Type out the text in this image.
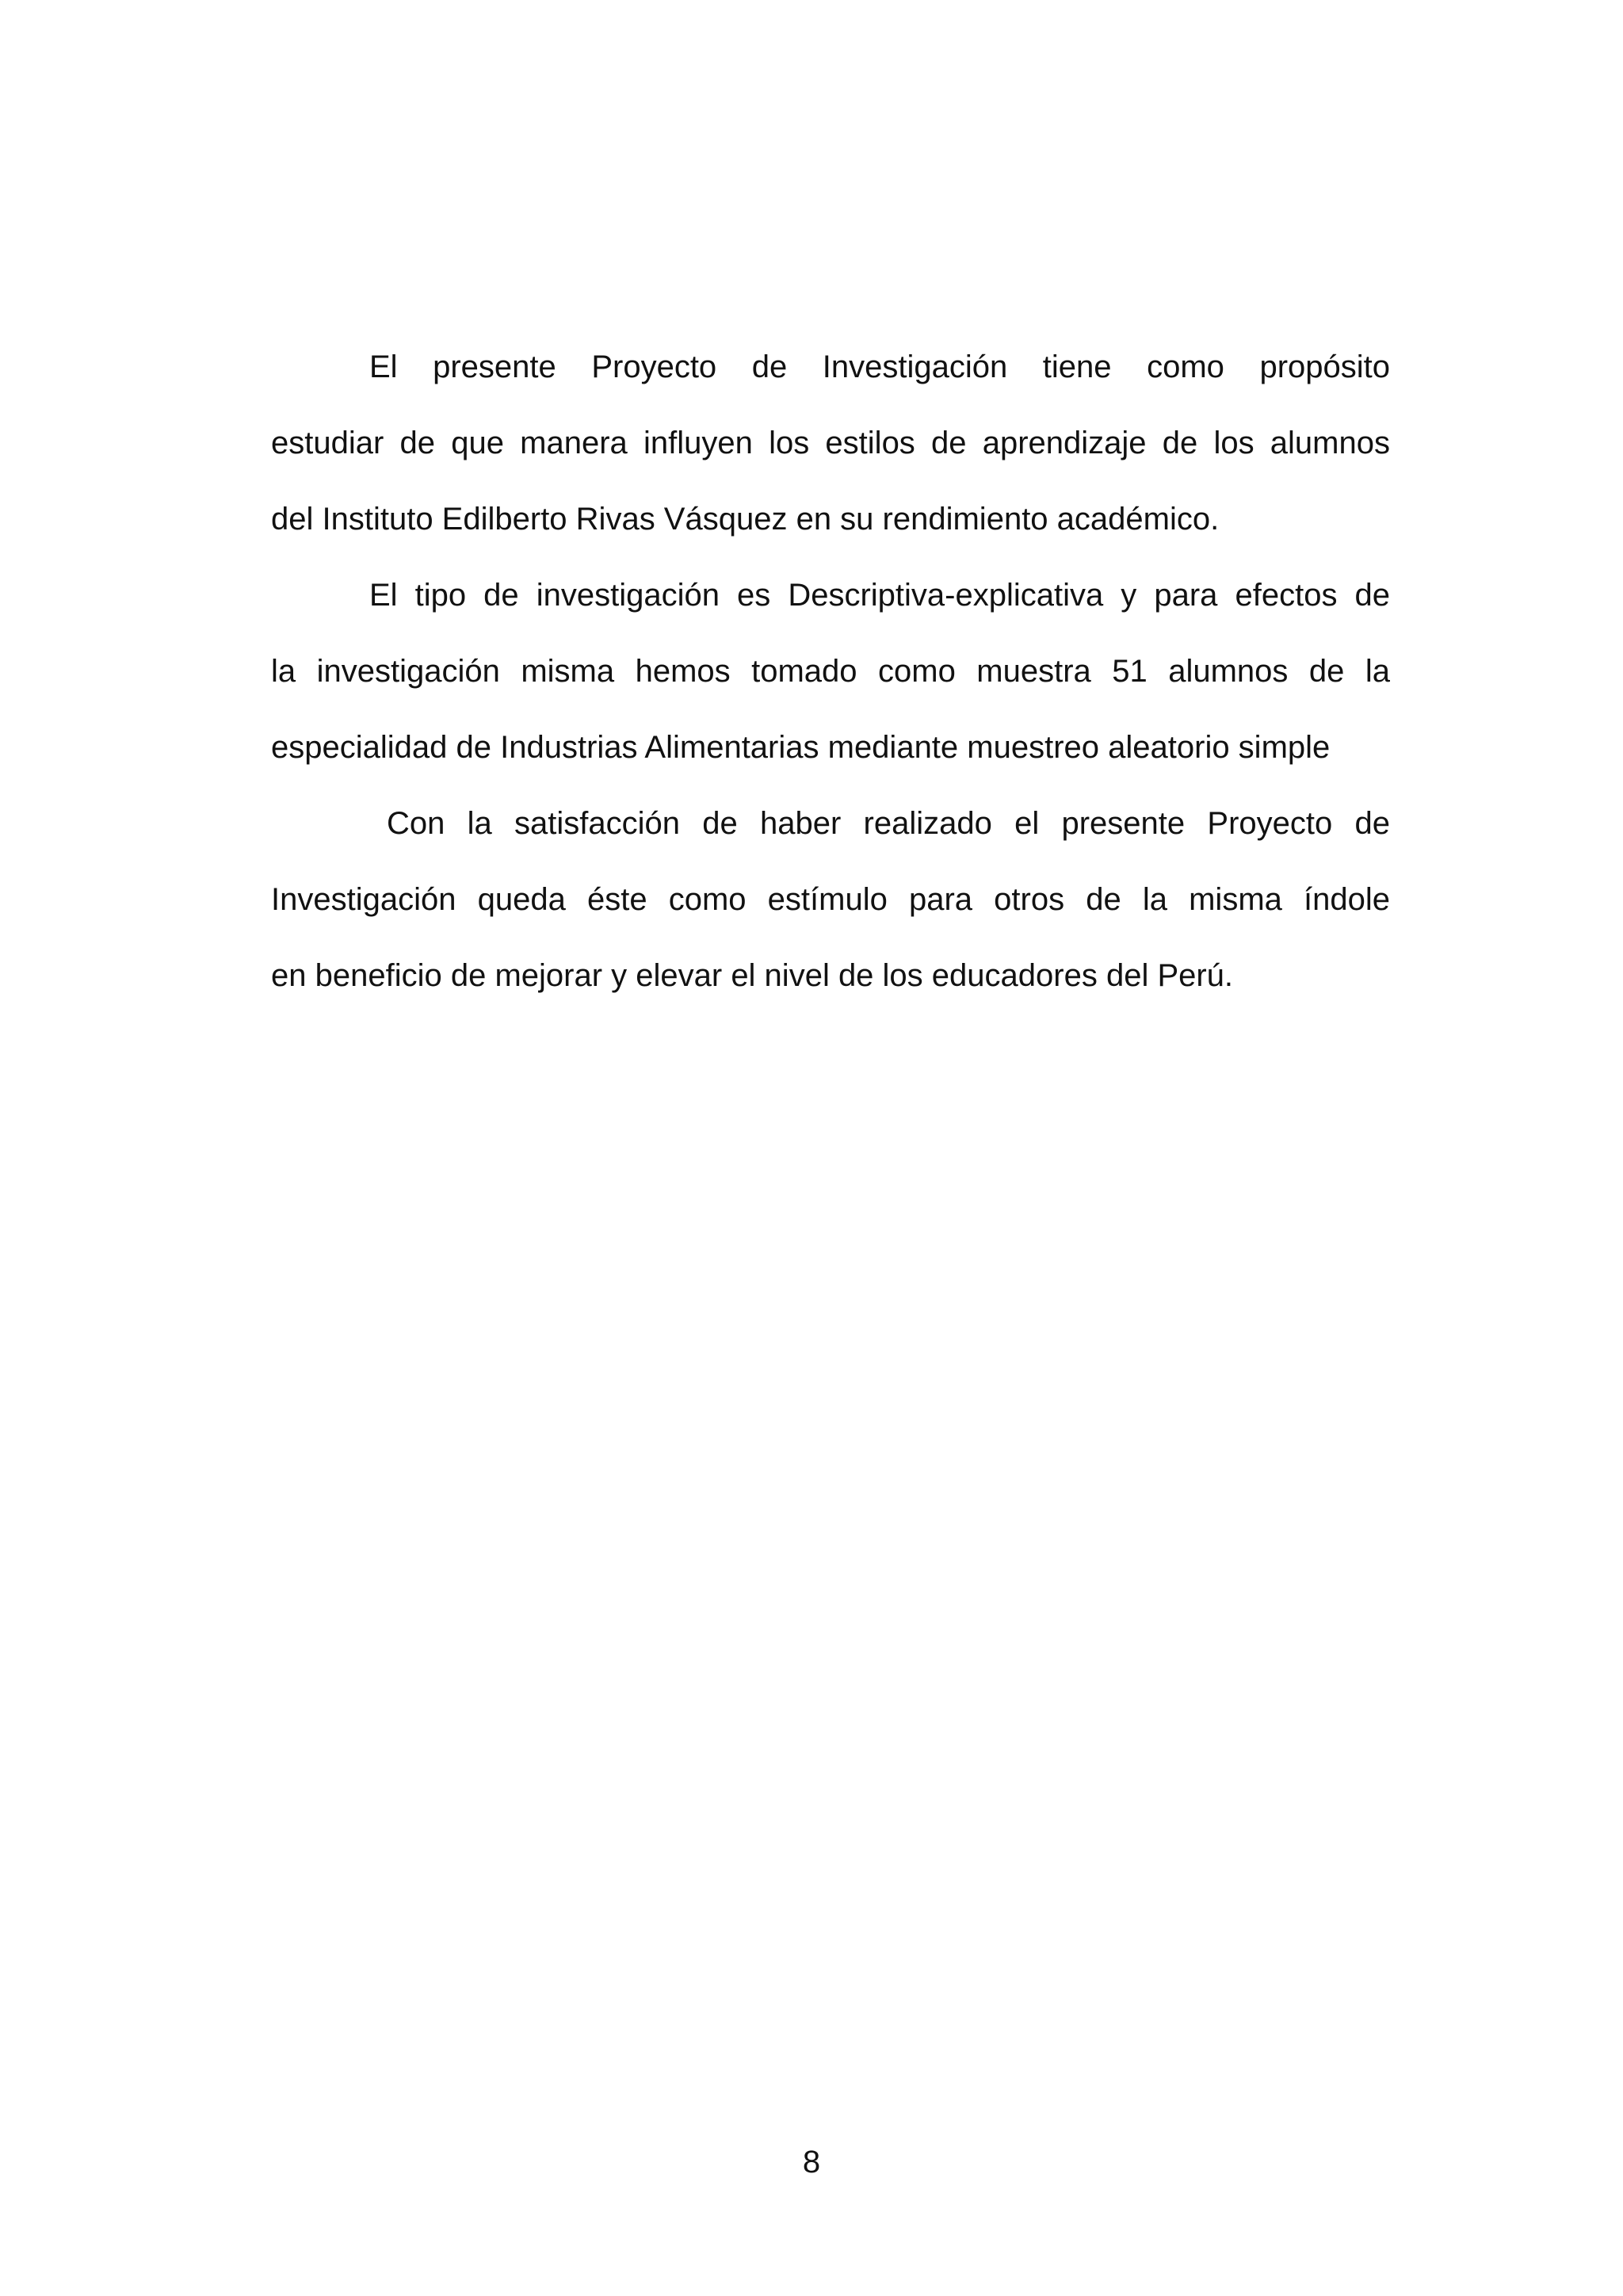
El presente Proyecto de Investigación tiene como propósito
estudiar de que manera influyen los estilos de aprendizaje de los alumnos
del Instituto Edilberto Rivas Vásquez en su rendimiento académico.
El tipo de investigación es Descriptiva-explicativa y para efectos de
la investigación misma hemos tomado como muestra 51 alumnos de la
especialidad de Industrias Alimentarias mediante muestreo aleatorio simple
Con la satisfacción de haber realizado el presente Proyecto de
Investigación queda éste como estímulo para otros de la misma índole
en beneficio de mejorar y elevar el nivel de los educadores del Perú.
8
